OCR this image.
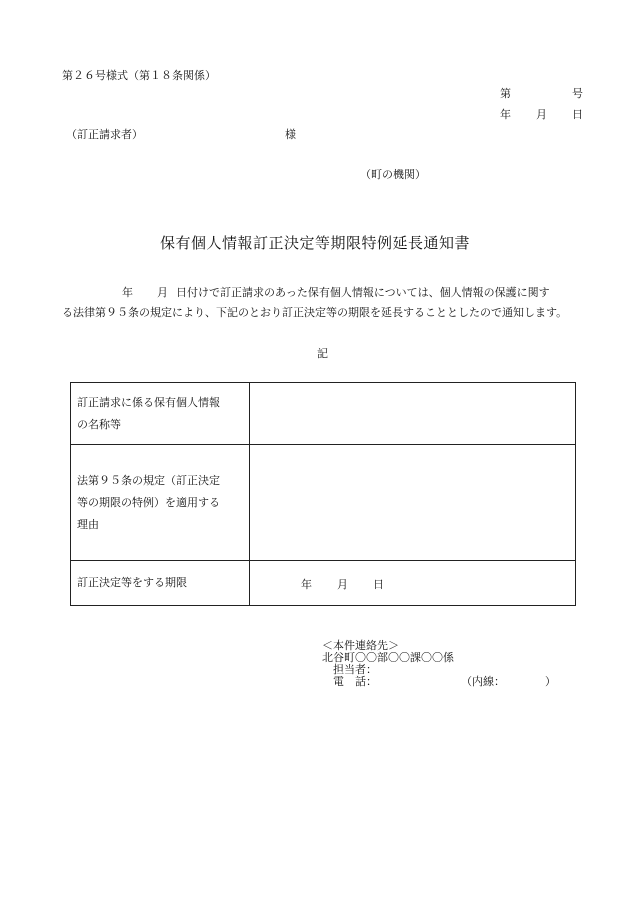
第２６号様式（第１８条関係）
第	号
年 月 日
（訂正請求者）	様
（町の機関）
保有個人情報訂正決定等期限特例延長通知書
年 月 日付けで訂正請求のあった保有個人情報については、個人情報の保護に関す
る法律第９５条の規定により、下記のとおり訂正決定等の期限を延長することとしたので通知します。
記
訂正請求に係る保有個人情報
の名称等	

法第９５条の規定（訂正決定
等の期限の特例）を適用する
理由	

訂正決定等をする期限	年 月 日
＜本件連絡先＞
北谷町〇〇部〇〇課〇〇係
担当者：
電　話：	（内線：	）
